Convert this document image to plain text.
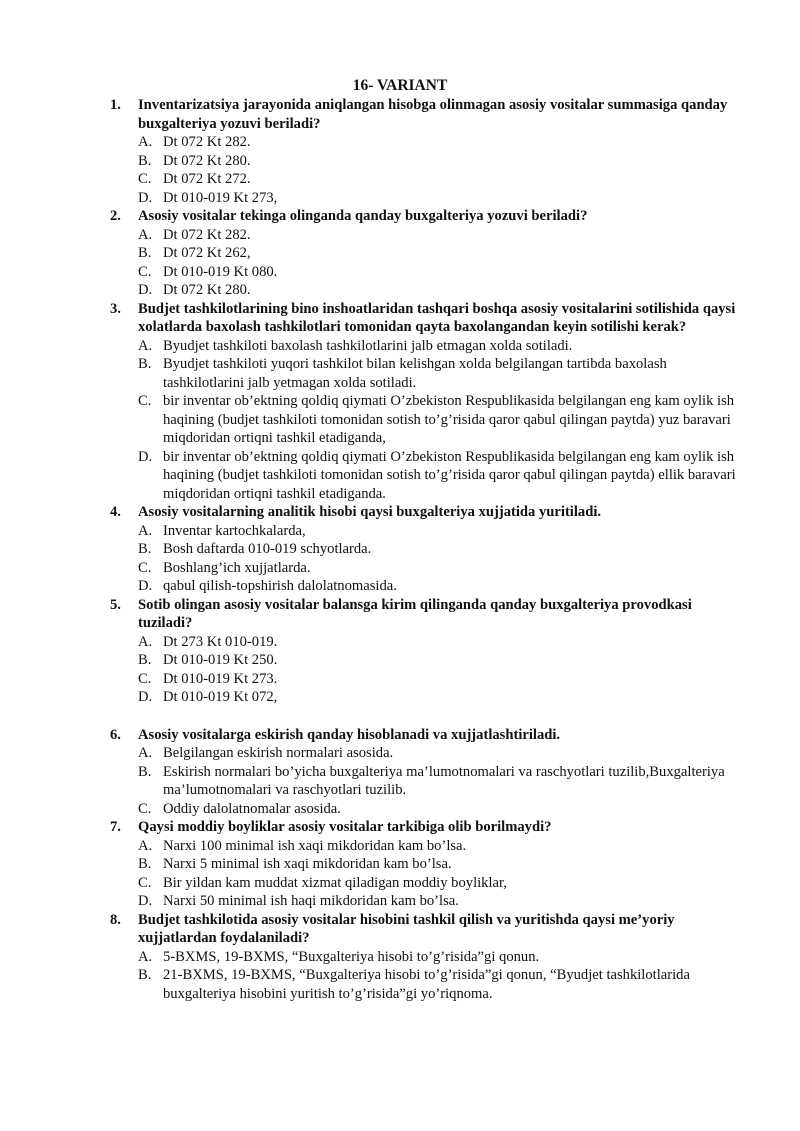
16- VARIANT
1.	Inventarizatsiya jarayonida aniqlangan hisobga olinmagan asosiy vositalar summasiga qanday buxgalteriya yozuvi beriladi?
A. Dt 072 Kt 282.
B. Dt 072 Kt 280.
C. Dt 072 Kt 272.
D. Dt 010-019 Kt 273,
2.	Asosiy vositalar tekinga olinganda qanday buxgalteriya yozuvi beriladi?
A. Dt 072 Kt 282.
B. Dt 072 Kt 262,
C. Dt 010-019 Kt 080.
D. Dt 072 Kt 280.
3.	Budjet tashkilotlarining bino inshoatlaridan tashqari boshqa asosiy vositalarini sotilishida qaysi xolatlarda baxolash tashkilotlari tomonidan qayta baxolangandan keyin sotilishi kerak?
A. Byudjet tashkiloti baxolash tashkilotlarini jalb etmagan xolda sotiladi.
B. Byudjet tashkiloti yuqori tashkilot bilan kelishgan xolda belgilangan tartibda baxolash tashkilotlarini jalb yetmagan xolda sotiladi.
C. bir inventar ob’ektning qoldiq qiymati O’zbekiston Respublikasida belgilangan eng kam oylik ish haqining (budjet tashkiloti tomonidan sotish to’g’risida qaror qabul qilingan paytda) yuz baravari miqdoridan ortiqni tashkil etadiganda,
D. bir inventar ob’ektning qoldiq qiymati O’zbekiston Respublikasida belgilangan eng kam oylik ish haqining (budjet tashkiloti tomonidan sotish to’g’risida qaror qabul qilingan paytda) ellik baravari miqdoridan ortiqni tashkil etadiganda.
4.	Asosiy vositalarning analitik hisobi qaysi buxgalteriya xujjatida yuritiladi.
A. Inventar kartochkalarda,
B. Bosh daftarda 010-019 schyotlarda.
C. Boshlang’ich xujjatlarda.
D. qabul qilish-topshirish dalolatnomasida.
5.	Sotib olingan asosiy vositalar balansga kirim qilinganda qanday buxgalteriya provodkasi tuziladi?
A. Dt 273 Kt 010-019.
B. Dt 010-019 Kt 250.
C. Dt 010-019 Kt 273.
D. Dt 010-019 Kt 072,
6.	Asosiy vositalarga eskirish qanday hisoblanadi va xujjatlashtiriladi.
A. Belgilangan eskirish normalari asosida.
B. Eskirish normalari bo’yicha buxgalteriya ma’lumotnomalari va raschyotlari tuzilib,Buxgalteriya ma’lumotnomalari va raschyotlari tuzilib.
C. Oddiy dalolatnomalar asosida.
7.	Qaysi moddiy boyliklar asosiy vositalar tarkibiga olib borilmaydi?
A. Narxi 100 minimal ish xaqi mikdoridan kam bo’lsa.
B. Narxi 5 minimal ish xaqi mikdoridan kam bo’lsa.
C. Bir yildan kam muddat xizmat qiladigan moddiy boyliklar,
D. Narxi 50 minimal ish haqi mikdoridan kam bo’lsa.
8.	Budjet tashkilotida asosiy vositalar hisobini tashkil qilish va yuritishda qaysi me’yoriy xujjatlardan foydalaniladi?
A. 5-BXMS, 19-BXMS, “Buxgalteriya hisobi to’g’risida”gi qonun.
B. 21-BXMS, 19-BXMS, “Buxgalteriya hisobi to’g’risida”gi qonun, “Byudjet tashkilotlarida buxgalteriya hisobini yuritish to’g’risida”gi yo’riqnoma.
